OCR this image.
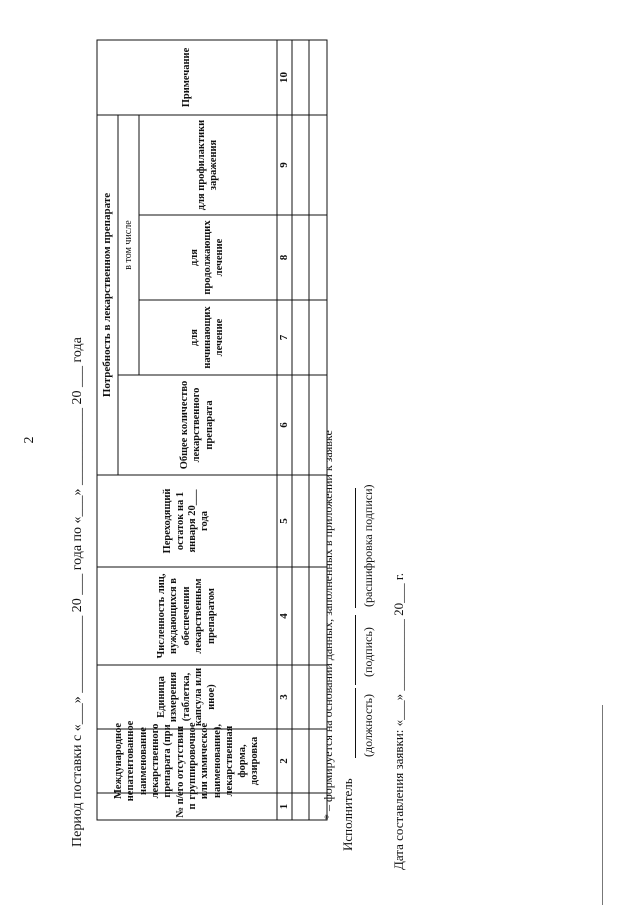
2 Период поставки с «___» ___________ 20 ___ года по «___» ___________ 20 ___ года	№ п/п
Международное непатентованное наименование лекарственного препарата (при его отсутствии группировочное или химическое наименование), лекарственная форма, дозировка
Единица измерения (таблетка, капсула или иное)
Численность лиц, нуждающихся в обеспечении лекарственным препаратом
Переходящий остаток на 1 января 20___ года
Потребность в лекарственном препарате
Общее количество лекарственного препарата
в том числе
для начинающих лечение
для продолжающих лечение
для профилактики заражения
Примечание
1
2
3
4
5
6
7
8
9
10
* – формируется на основании данных, заполненных в приложении к заявке Исполнитель
(должность)
(подпись)
(расшифровка подписи)
Дата составления заявки: «___» ___________ 20___ г.
